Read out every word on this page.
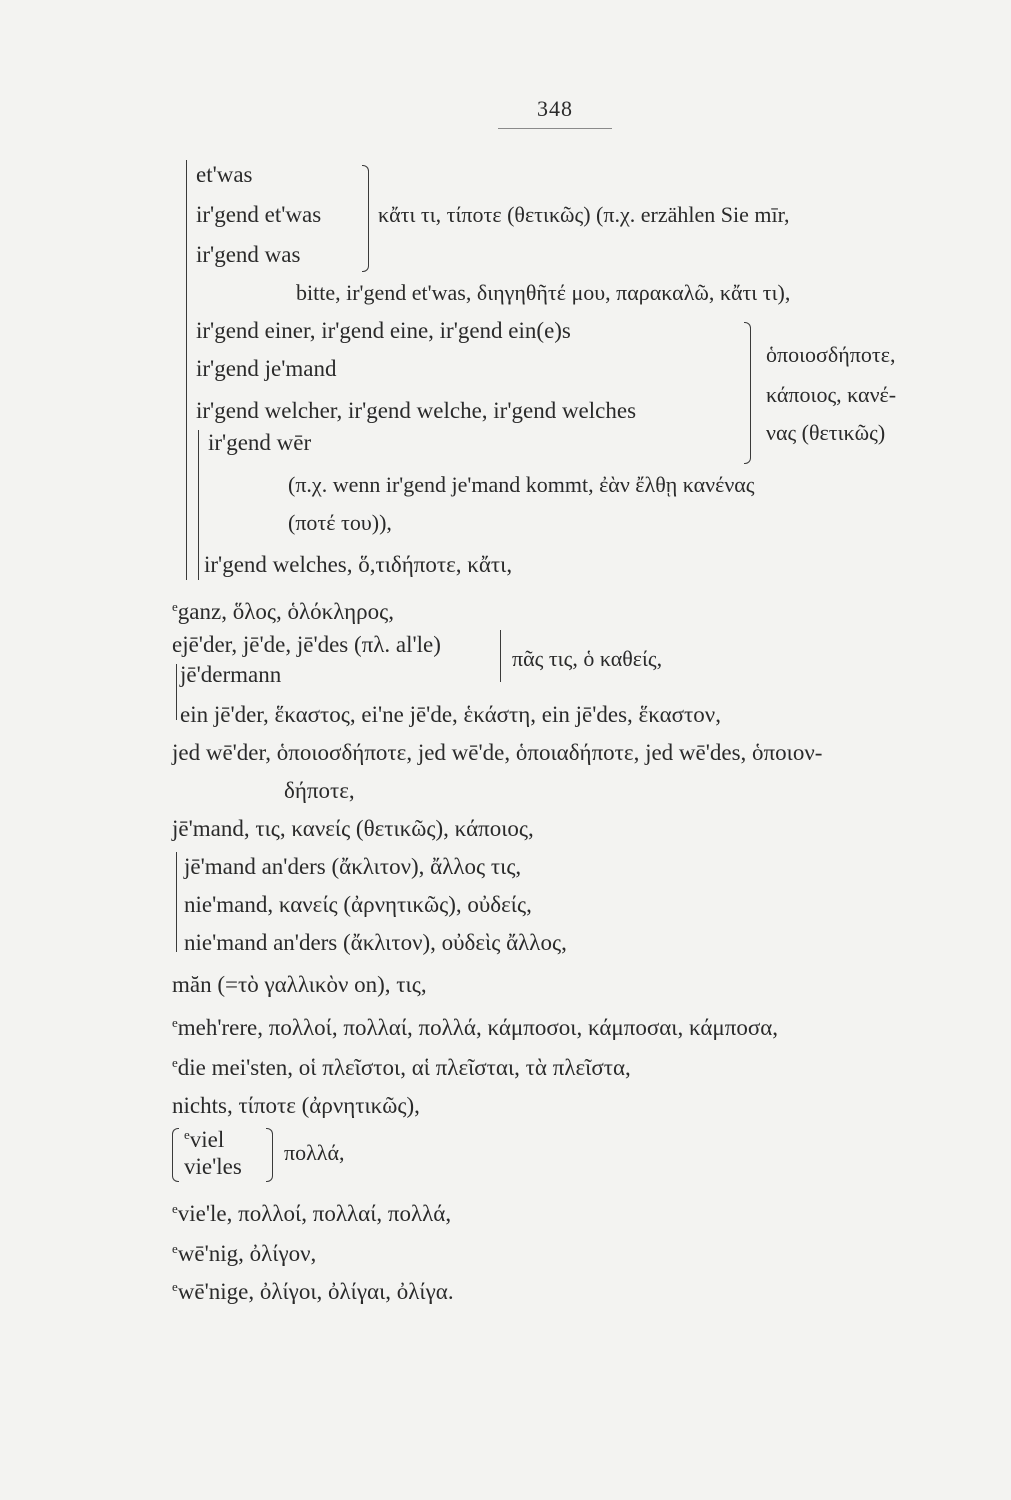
348
et'was
ir'gend et'was
ir'gend was
κἄτι τι, τίποτε (θετικῶς) (π.χ. erzählen Sie mīr,
bitte, ir'gend et'was, διηγηθῆτέ μου, παρακαλῶ, κἄτι τι),
ir'gend einer, ir'gend eine, ir'gend ein(e)s
ir'gend je'mand
ir'gend welcher, ir'gend welche, ir'gend welches
ir'gend wēr
ὁποιοσδήποτε,
κάποιος, κανέ-
νας (θετικῶς)
(π.χ. wenn ir'gend je'mand kommt, ἐὰν ἔλθῃ κανένας
(ποτέ του)),
ir'gend welches, ὅ,τιδήποτε, κἄτι,
$^e$ganz, ὅλος, ὁλόκληρος,
ejē'der, jē'de, jē'des (πλ. al'le)
jē'dermann
πᾶς τις, ὁ καθείς,
ein jē'der, ἕκαστος, ei'ne jē'de, ἑκάστη, ein jē'des, ἕκαστον,
jed wē'der, ὁποιοσδήποτε, jed wē'de, ὁποιαδήποτε, jed wē'des, ὁποιον-
δήποτε,
jē'mand, τις, κανείς (θετικῶς), κάποιος,
jē'mand an'ders (ἄκλιτον), ἄλλος τις,
nie'mand, κανείς (ἀρνητικῶς), οὐδείς,
nie'mand an'ders (ἄκλιτον), οὐδεὶς ἄλλος,
măn (=τὸ γαλλικὸν on), τις,
$^e$meh'rere, πολλοί, πολλαί, πολλά, κάμποσοι, κάμποσαι, κάμποσα,
$^e$die mei'sten, οἱ πλεῖστοι, αἱ πλεῖσται, τὰ πλεῖστα,
nichts, τίποτε (ἀρνητικῶς),
$^e$viel
vie'les
πολλά,
$^e$vie'le, πολλοί, πολλαί, πολλά,
$^e$wē'nig, ὀλίγον,
$^e$wē'nige, ὀλίγοι, ὀλίγαι, ὀλίγα.
